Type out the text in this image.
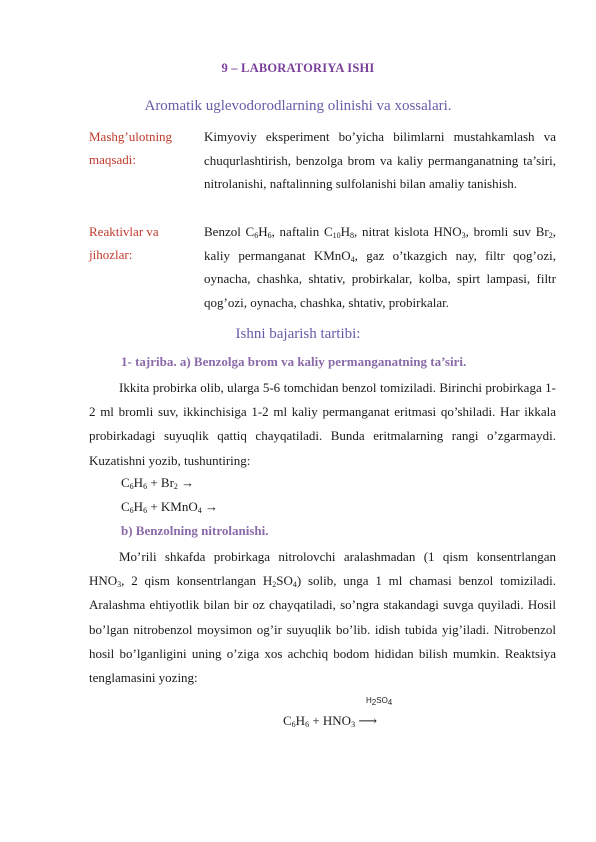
9 – LABORATORIYA ISHI
Aromatik uglevodorodlarning olinishi va xossalari.
Mashg’ulotning maqsadi:
Kimyoviy eksperiment bo’yicha bilimlarni mustahkamlash va chuqurlashtirish, benzolga brom va kaliy permanganatning ta’siri, nitrolanishi, naftalinning sulfolanishi bilan amaliy tanishish.
Reaktivlar va jihozlar:
Benzol $C_6H_6$, naftalin $C_{10}H_8$, nitrat kislota $HNO_3$, bromli suv $Br_2$, kaliy permanganat KMnO$_4$, gaz o’tkazgich nay, filtr qog’ozi, oynacha, chashka, shtativ, probirkalar, kolba, spirt lampasi, filtr qog’ozi, oynacha, chashka, shtativ, probirkalar.
Ishni bajarish tartibi:
1- tajriba. a) Benzolga brom va kaliy permanganatning ta’siri.
Ikkita probirka olib, ularga 5-6 tomchidan benzol tomiziladi. Birinchi probirkaga 1-2 ml bromli suv, ikkinchisiga 1-2 ml kaliy permanganat eritmasi qo’shiladi. Har ikkala probirkadagi suyuqlik qattiq chayqatiladi. Bunda eritmalarning rangi o’zgarmaydi. Kuzatishni yozib, tushuntiring:
$C_6H_6 + Br_2$ →
$C_6H_6$ + KMnO$_4$ →
b) Benzolning nitrolanishi.
Mo’rili shkafda probirkaga nitrolovchi aralashmadan (1 qism konsentrlangan $HNO_3$, 2 qism konsentrlangan $H_2SO_4$) solib, unga 1 ml chamasi benzol tomiziladi. Aralashma ehtiyotlik bilan bir oz chayqatiladi, so’ngra stakandagi suvga quyiladi. Hosil bo’lgan nitrobenzol moysimon og’ir suyuqlik bo’lib. idish tubida yig’iladi. Nitrobenzol hosil bo’lganligini uning o’ziga xos achchiq bodom hididan bilish mumkin. Reaktsiya tenglamasini yozing:
$H_2SO_4$
$C_6H_6 + HNO_3$ ⟶
